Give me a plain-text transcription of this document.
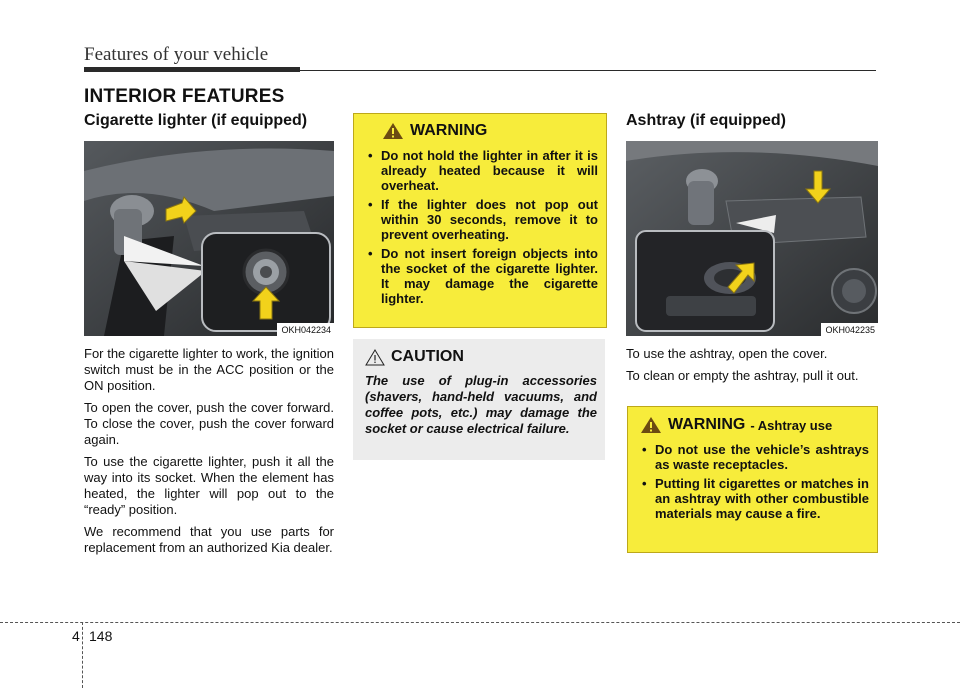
Features of your vehicle
INTERIOR FEATURES
Cigarette lighter (if equipped)
OKH042234

For the cigarette lighter to work, the ignition switch must be in the ACC position or the ON position.

To open the cover, push the cover forward. To close the cover, push the cover forward again.

To use the cigarette lighter, push it all the way into its socket. When the element has heated, the lighter will pop out to the “ready” position.

We recommend that you use parts for replacement from an authorized Kia dealer.

WARNING
• Do not hold the lighter in after it is already heated because it will overheat.
• If the lighter does not pop out within 30 seconds, remove it to prevent overheating.
• Do not insert foreign objects into the socket of the cigarette lighter. It may damage the cigarette lighter.
CAUTION

The use of plug-in accessories (shavers, hand-held vacuums, and coffee pots, etc.) may damage the socket or cause electrical failure.

Ashtray (if equipped)
OKH042235

To use the ashtray, open the cover.

To clean or empty the ashtray, pull it out.

WARNING - Ashtray use
• Do not use the vehicle’s ashtrays as waste receptacles.
• Putting lit cigarettes or matches in an ashtray with other combustible materials may cause a fire.
4 148
